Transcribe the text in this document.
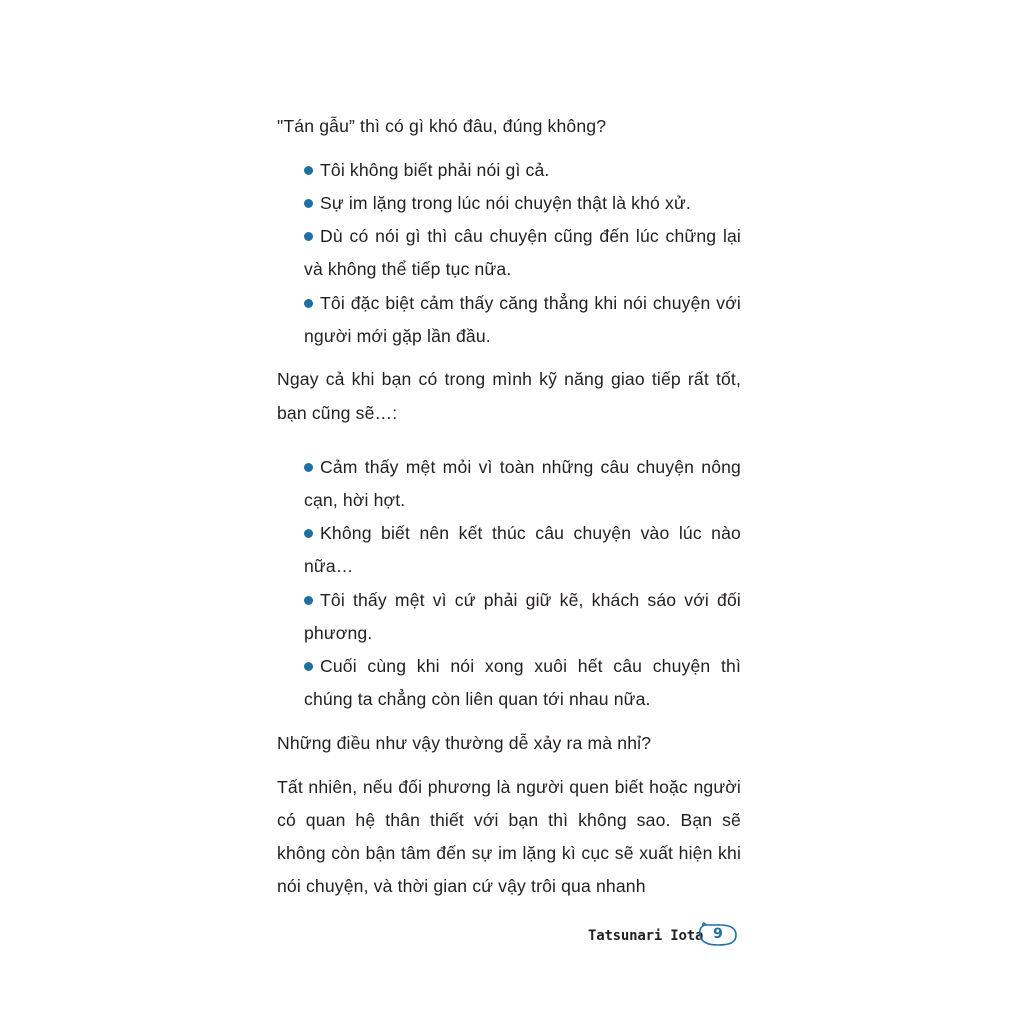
"Tán gẫu” thì có gì khó đâu, đúng không?

Tôi không biết phải nói gì cả.
Sự im lặng trong lúc nói chuyện thật là khó xử.
Dù có nói gì thì câu chuyện cũng đến lúc chững lại và không thể tiếp tục nữa.
Tôi đặc biệt cảm thấy căng thẳng khi nói chuyện với người mới gặp lần đầu.

Ngay cả khi bạn có trong mình kỹ năng giao tiếp rất tốt, bạn cũng sẽ…:

Cảm thấy mệt mỏi vì toàn những câu chuyện nông cạn, hời hợt.
Không biết nên kết thúc câu chuyện vào lúc nào nữa…
Tôi thấy mệt vì cứ phải giữ kẽ, khách sáo với đối phương.
Cuối cùng khi nói xong xuôi hết câu chuyện thì chúng ta chẳng còn liên quan tới nhau nữa.

Những điều như vậy thường dễ xảy ra mà nhỉ?

Tất nhiên, nếu đối phương là người quen biết hoặc người có quan hệ thân thiết với bạn thì không sao. Bạn sẽ không còn bận tâm đến sự im lặng kì cục sẽ xuất hiện khi nói chuyện, và thời gian cứ vậy trôi qua nhanh

Tatsunari Iota 9
